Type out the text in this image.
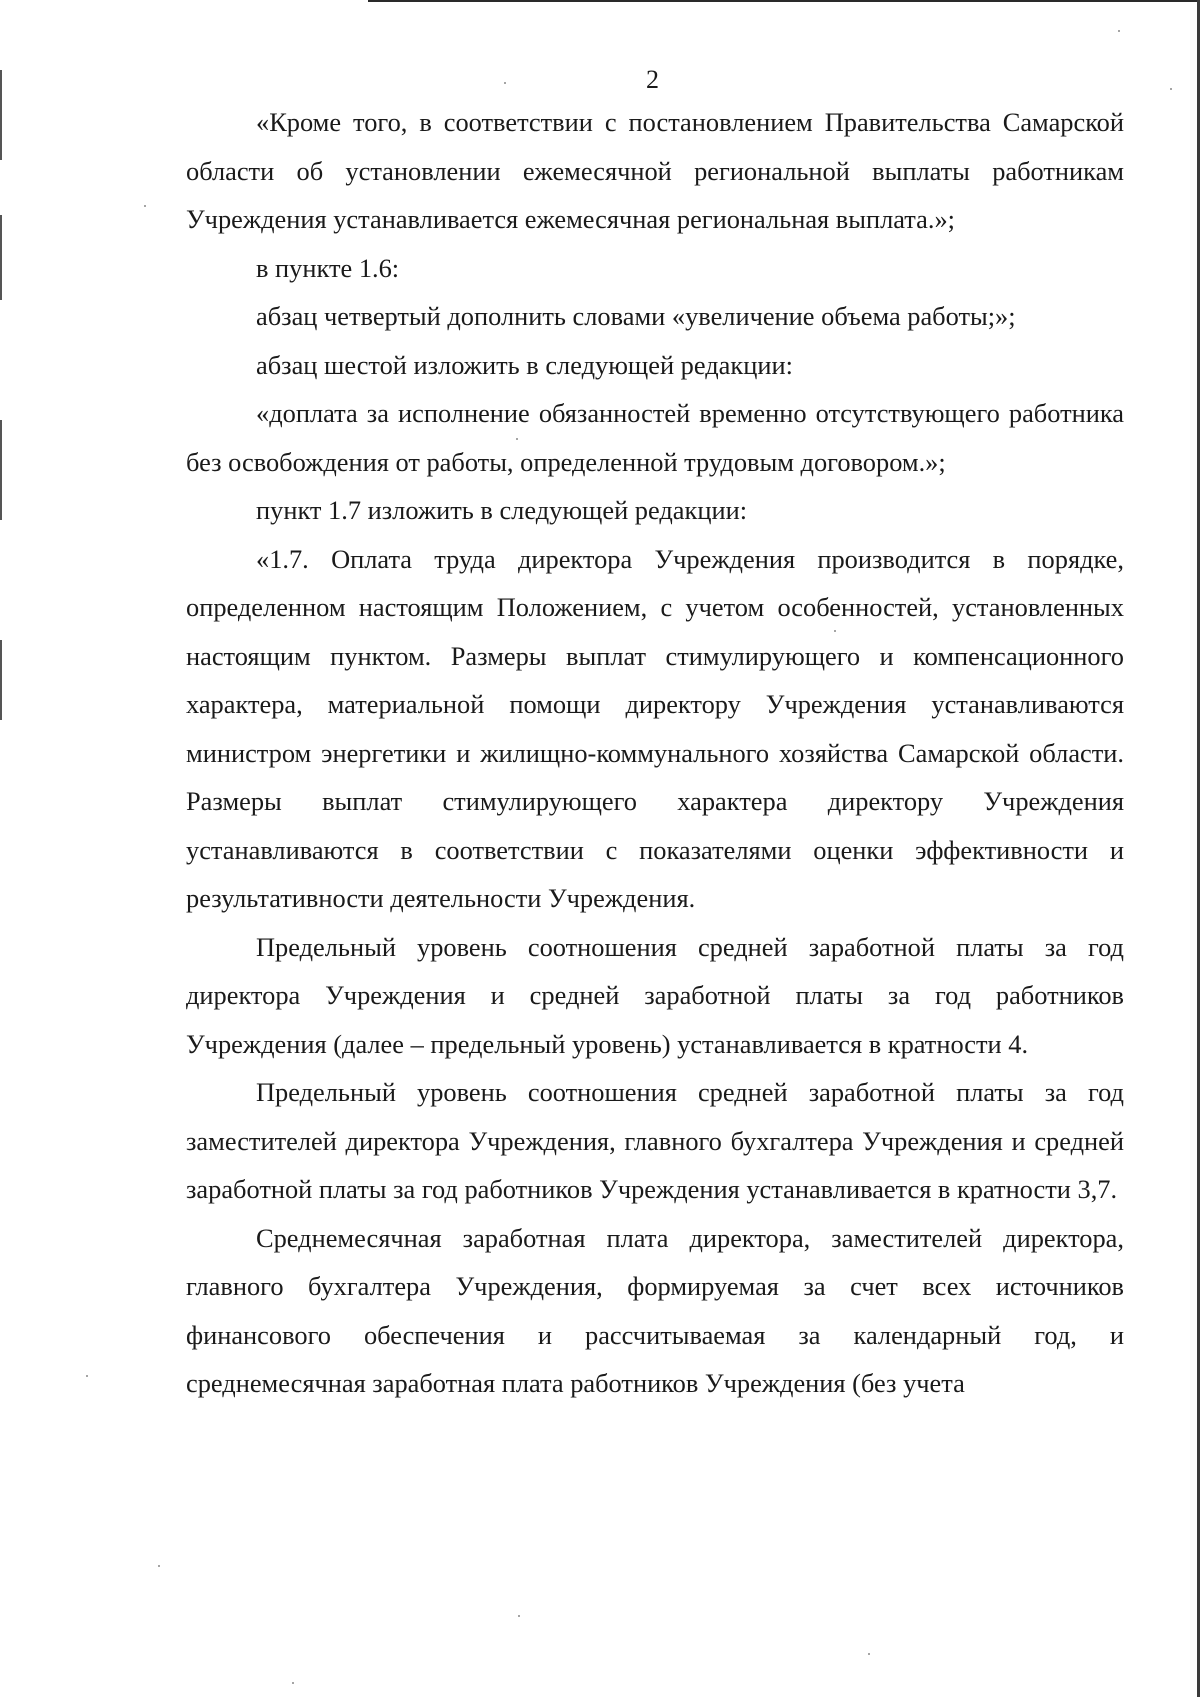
2

«Кроме того, в соответствии с постановлением Правительства Самарской области об установлении ежемесячной региональной выплаты работникам Учреждения устанавливается ежемесячная региональная выплата.»;

в пункте 1.6:

абзац четвертый дополнить словами «увеличение объема работы;»;

абзац шестой изложить в следующей редакции:

«доплата за исполнение обязанностей временно отсутствующего работника без освобождения от работы, определенной трудовым договором.»;

пункт 1.7 изложить в следующей редакции:

«1.7. Оплата труда директора Учреждения производится в порядке, определенном настоящим Положением, с учетом особенностей, установленных настоящим пунктом. Размеры выплат стимулирующего и компенсационного характера, материальной помощи директору Учреждения устанавливаются министром энергетики и жилищно-коммунального хозяйства Самарской области. Размеры выплат стимулирующего характера директору Учреждения устанавливаются в соответствии с показателями оценки эффективности и результативности деятельности Учреждения.

Предельный уровень соотношения средней заработной платы за год директора Учреждения и средней заработной платы за год работников Учреждения (далее – предельный уровень) устанавливается в кратности 4.

Предельный уровень соотношения средней заработной платы за год заместителей директора Учреждения, главного бухгалтера Учреждения и средней заработной платы за год работников Учреждения устанавливается в кратности 3,7.

Среднемесячная заработная плата директора, заместителей директора, главного бухгалтера Учреждения, формируемая за счет всех источников финансового обеспечения и рассчитываемая за календарный год, и среднемесячная заработная плата работников Учреждения (без учета
